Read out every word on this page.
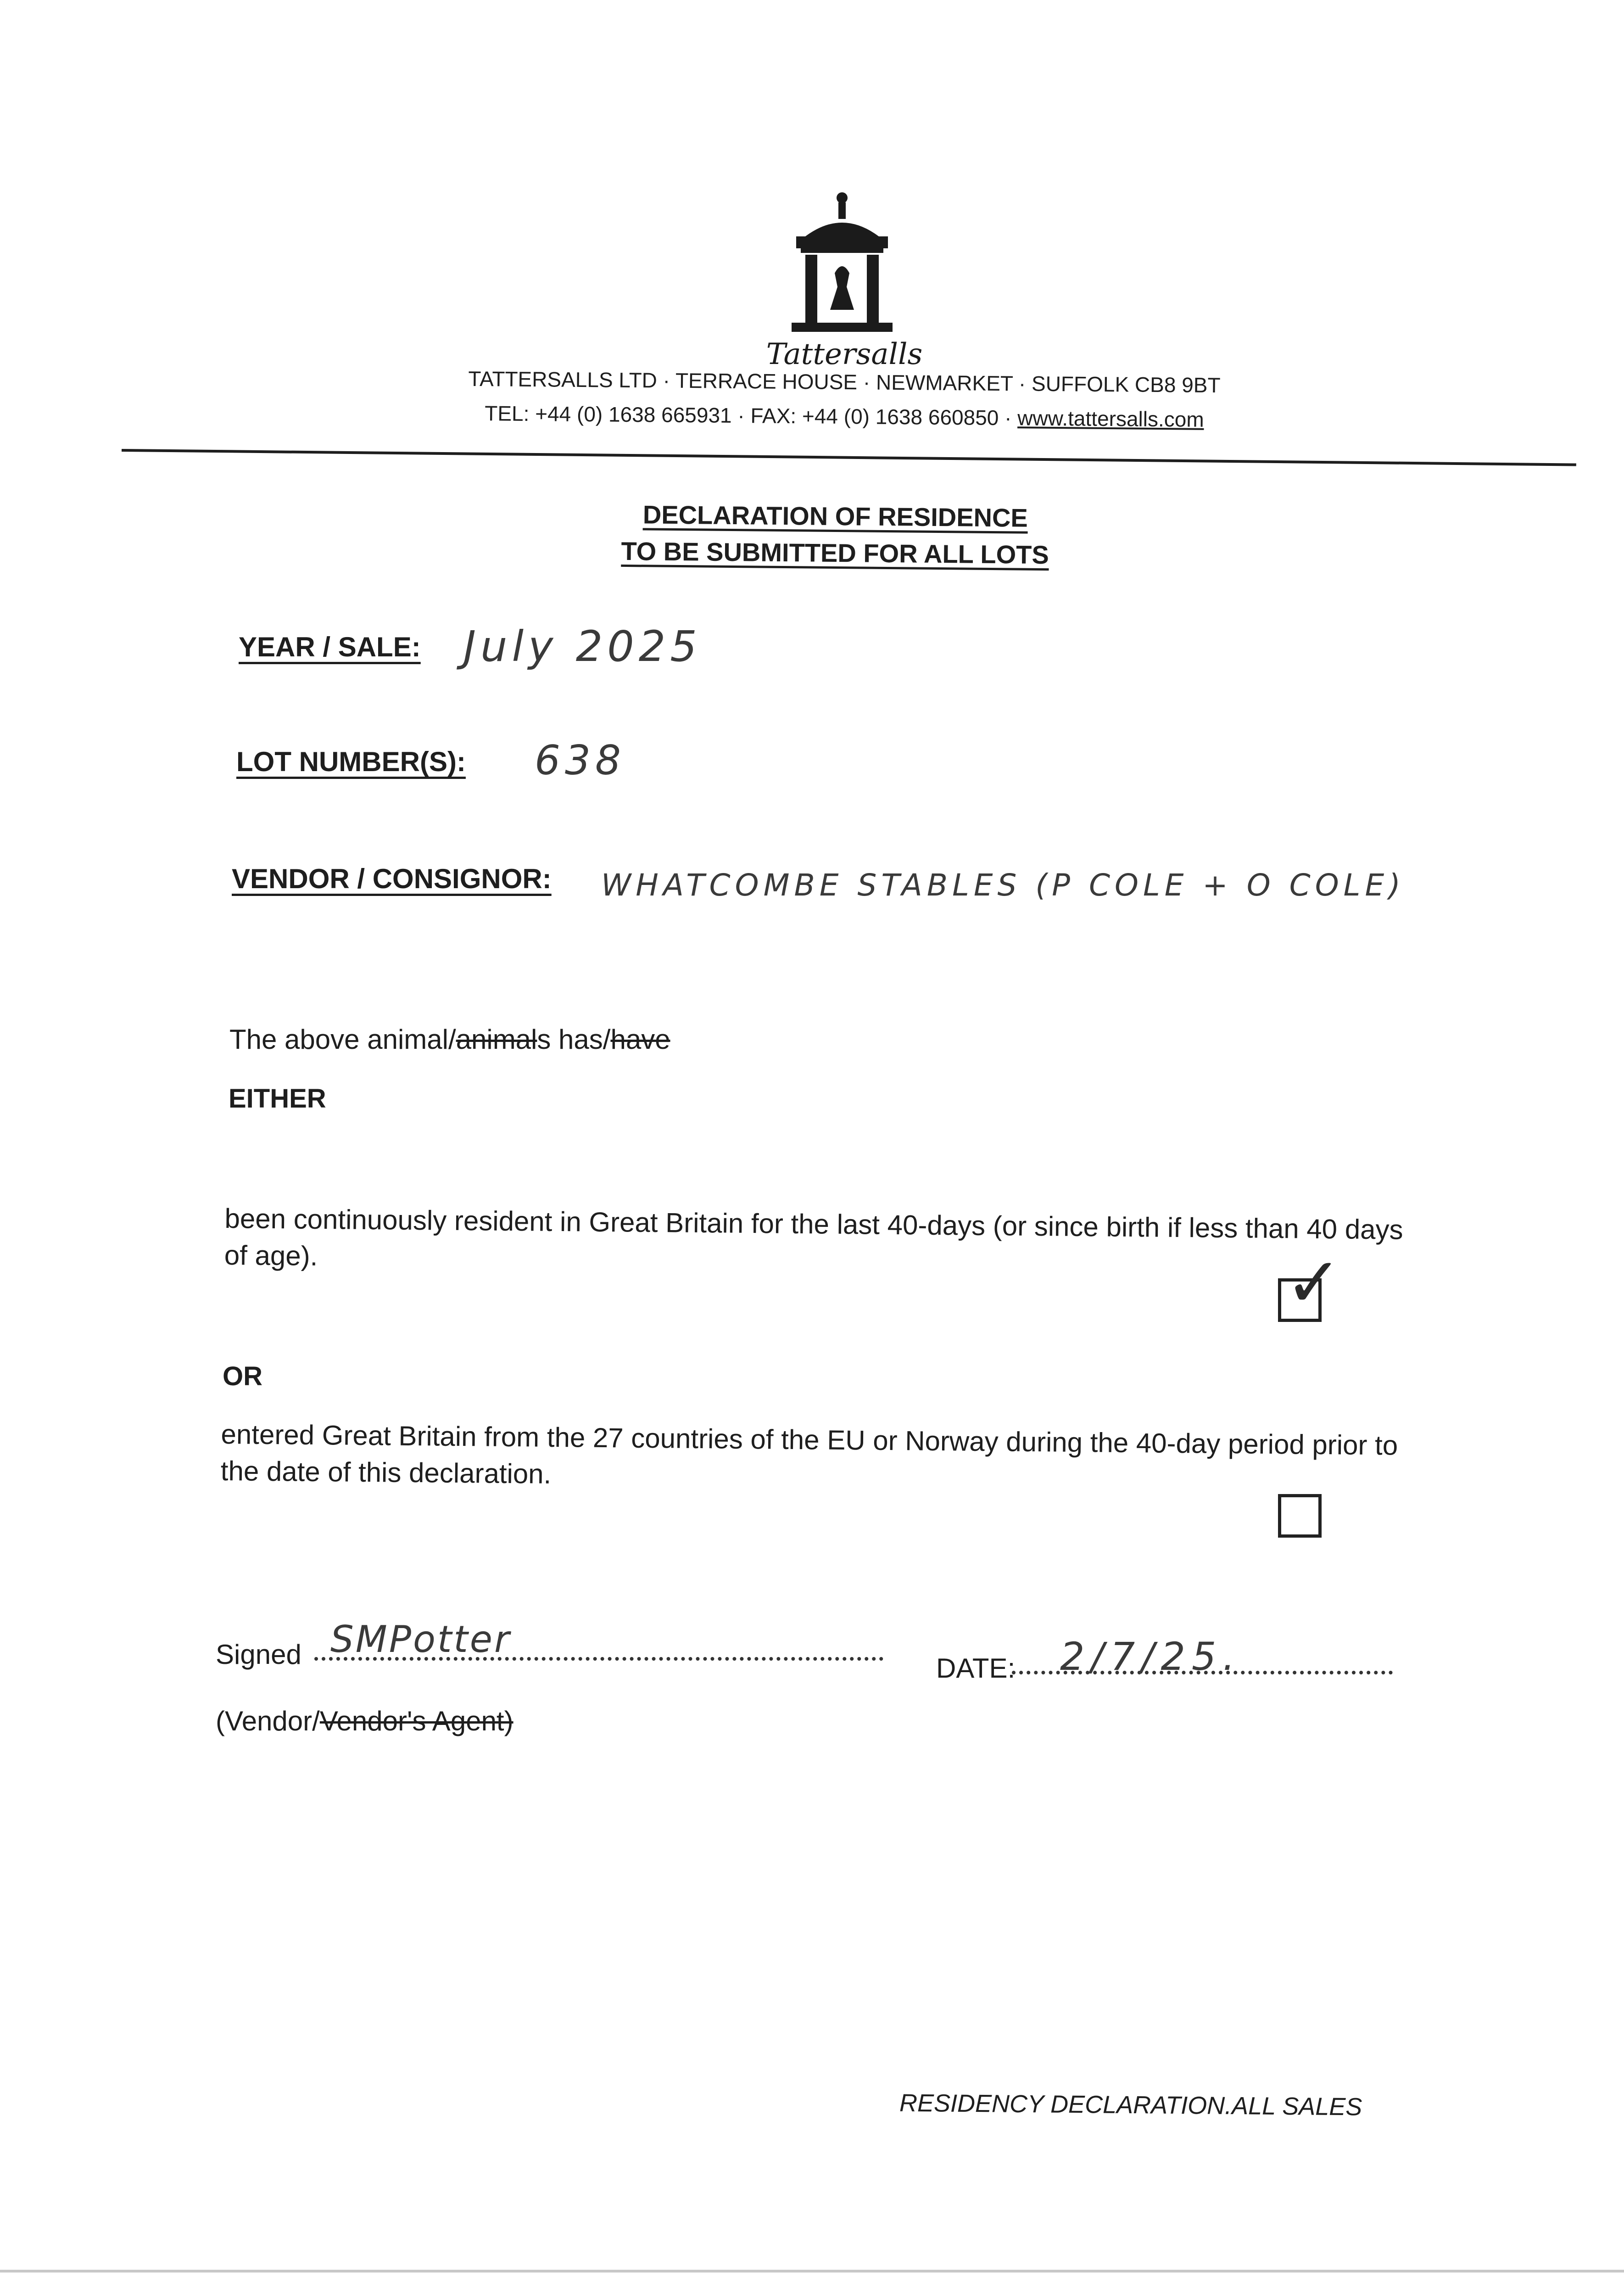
Tattersalls
TATTERSALLS LTD · TERRACE HOUSE · NEWMARKET · SUFFOLK CB8 9BT
TEL: +44 (0) 1638 665931 · FAX: +44 (0) 1638 660850 · www.tattersalls.com
DECLARATION OF RESIDENCE
TO BE SUBMITTED FOR ALL LOTS
YEAR / SALE: July 2025
LOT NUMBER(S): 638
VENDOR / CONSIGNOR: WHATCOMBE STABLES (P COLE + O COLE)
The above animal/animals has/have
EITHER
been continuously resident in Great Britain for the last 40-days (or since birth if less than 40 days of age).	✓
OR
entered Great Britain from the 27 countries of the EU or Norway during the 40-day period prior to the date of this declaration.
Signed SMPotter
DATE: 2/7/25.
(Vendor/Vendor's Agent)
RESIDENCY DECLARATION.ALL SALES
